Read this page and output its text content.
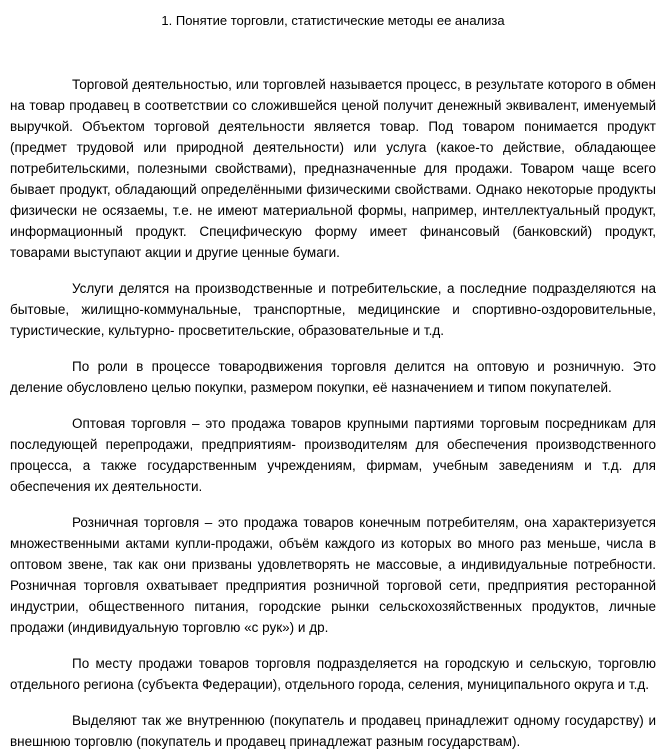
1. Понятие торговли, статистические методы ее анализа

Торговой деятельностью, или торговлей называется процесс, в результате которого в обмен на товар продавец в соответствии со сложившейся ценой получит денежный эквивалент, именуемый выручкой. Объектом торговой деятельности является товар. Под товаром понимается продукт (предмет трудовой или природной деятельности) или услуга (какое-то действие, обладающее потребительскими, полезными свойствами), предназначенные для продажи. Товаром чаще всего бывает продукт, обладающий определёнными физическими свойствами. Однако некоторые продукты физически не осязаемы, т.е. не имеют материальной формы, например, интеллектуальный продукт, информационный продукт. Специфическую форму имеет финансовый (банковский) продукт, товарами выступают акции и другие ценные бумаги.

Услуги делятся на производственные и потребительские, а последние подразделяются на бытовые, жилищно-коммунальные, транспортные, медицинские и спортивно-оздоровительные, туристические, культурно- просветительские, образовательные и т.д.

По роли в процессе товародвижения торговля делится на оптовую и розничную. Это деление обусловлено целью покупки, размером покупки, её назначением и типом покупателей.

Оптовая торговля – это продажа товаров крупными партиями торговым посредникам для последующей перепродажи, предприятиям- производителям для обеспечения производственного процесса, а также государственным учреждениям, фирмам, учебным заведениям и т.д. для обеспечения их деятельности.

Розничная торговля – это продажа товаров конечным потребителям, она характеризуется множественными актами купли-продажи, объём каждого из которых во много раз меньше, числа в оптовом звене, так как они призваны удовлетворять не массовые, а индивидуальные потребности. Розничная торговля охватывает предприятия розничной торговой сети, предприятия ресторанной индустрии, общественного питания, городские рынки сельскохозяйственных продуктов, личные продажи (индивидуальную торговлю «с рук») и др.

По месту продажи товаров торговля подразделяется на городскую и сельскую, торговлю отдельного региона (субъекта Федерации), отдельного города, селения, муниципального округа и т.д.

Выделяют так же внутреннюю (покупатель и продавец принадлежит одному государству) и внешнюю торговлю (покупатель и продавец принадлежат разным государствам).
